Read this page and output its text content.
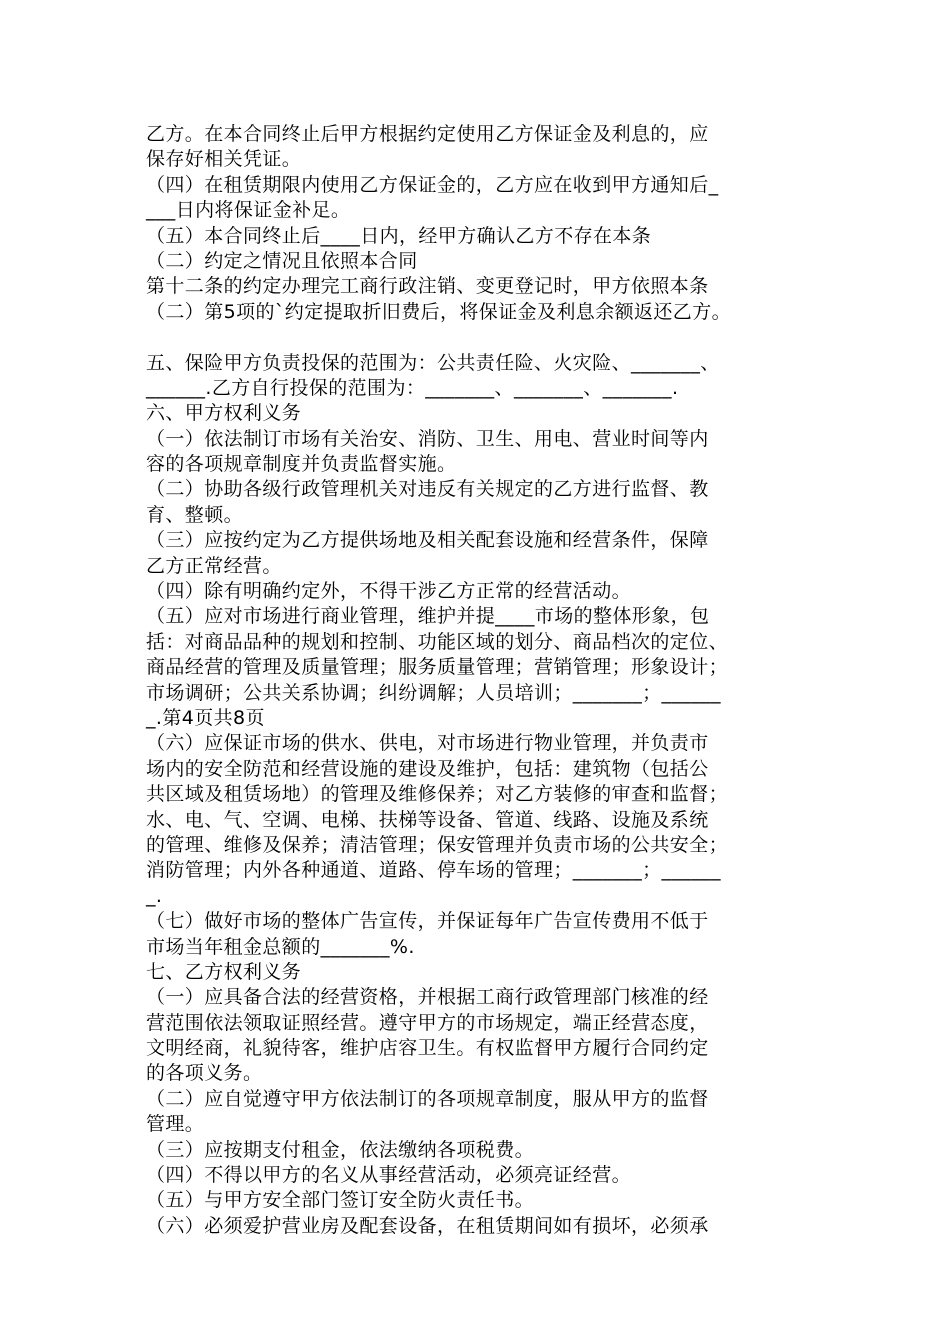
乙方。在本合同终止后甲方根据约定使用乙方保证金及利息的，应
保存好相关凭证。
（四）在租赁期限内使用乙方保证金的，乙方应在收到甲方通知后_
___日内将保证金补足。
（五）本合同终止后____日内，经甲方确认乙方不存在本条
（二）约定之情况且依照本合同
第十二条的约定办理完工商行政注销、变更登记时，甲方依照本条
（二）第5项的`约定提取折旧费后，将保证金及利息余额返还乙方。
五、保险甲方负责投保的范围为：公共责任险、火灾险、_______、
______.乙方自行投保的范围为：_______、_______、_______.
六、甲方权利义务
（一）依法制订市场有关治安、消防、卫生、用电、营业时间等内
容的各项规章制度并负责监督实施。
（二）协助各级行政管理机关对违反有关规定的乙方进行监督、教
育、整顿。
（三）应按约定为乙方提供场地及相关配套设施和经营条件，保障
乙方正常经营。
（四）除有明确约定外，不得干涉乙方正常的经营活动。
（五）应对市场进行商业管理，维护并提____市场的整体形象，包
括：对商品品种的规划和控制、功能区域的划分、商品档次的定位、
商品经营的管理及质量管理；服务质量管理；营销管理；形象设计；
市场调研；公共关系协调；纠纷调解；人员培训；_______；______
_.第4页共8页
（六）应保证市场的供水、供电，对市场进行物业管理，并负责市
场内的安全防范和经营设施的建设及维护，包括：建筑物（包括公
共区域及租赁场地）的管理及维修保养；对乙方装修的审查和监督；
水、电、气、空调、电梯、扶梯等设备、管道、线路、设施及系统
的管理、维修及保养；清洁管理；保安管理并负责市场的公共安全；
消防管理；内外各种通道、道路、停车场的管理；_______；______
_.
（七）做好市场的整体广告宣传，并保证每年广告宣传费用不低于
市场当年租金总额的_______%.
七、乙方权利义务
（一）应具备合法的经营资格，并根据工商行政管理部门核准的经
营范围依法领取证照经营。遵守甲方的市场规定，端正经营态度，
文明经商，礼貌待客，维护店容卫生。有权监督甲方履行合同约定
的各项义务。
（二）应自觉遵守甲方依法制订的各项规章制度，服从甲方的监督
管理。
（三）应按期支付租金，依法缴纳各项税费。
（四）不得以甲方的名义从事经营活动，必须亮证经营。
（五）与甲方安全部门签订安全防火责任书。
（六）必须爱护营业房及配套设备，在租赁期间如有损坏，必须承
